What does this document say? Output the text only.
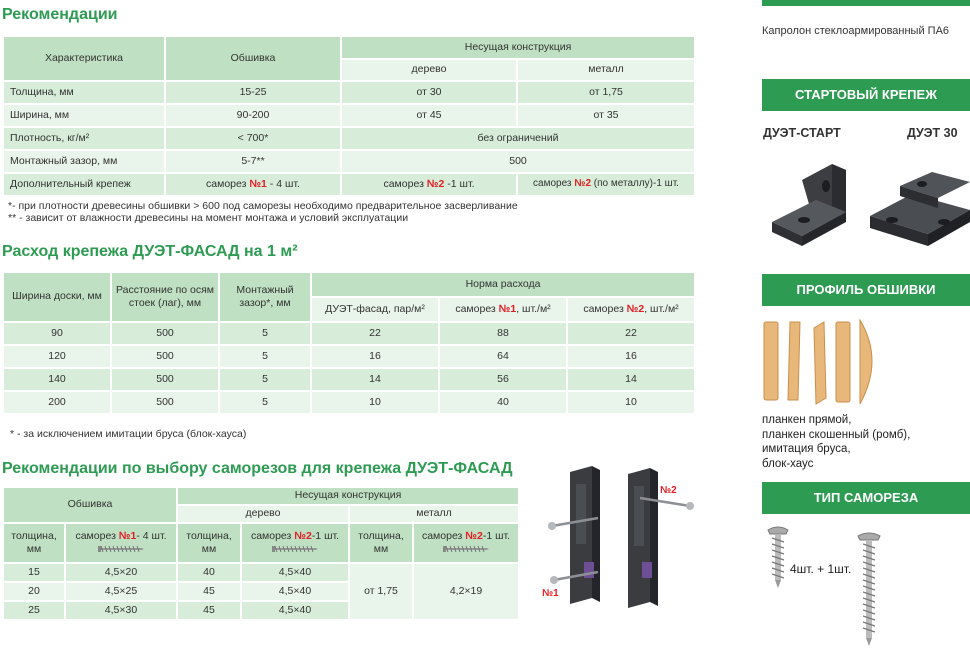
Рекомендации
Характеристика	Обшивка	Несущая конструкция	
		дерево	металл
Толщина, мм	15-25	от 30	от 1,75
Ширина, мм	90-200	от 45	от 35
Плотность, кг/м²	< 700*	без ограничений	
Монтажный зазор, мм	5-7**	500	
Дополнительный крепеж	саморез №1 - 4 шт.	саморез №2 -1 шт.	саморез №2 (по металлу)-1 шт.
*- при плотности древесины обшивки > 600 под саморезы необходимо предварительное засверливание
** - зависит от влажности древесины на момент монтажа и условий эксплуатации
Расход крепежа ДУЭТ-ФАСАД на 1 м²
Ширина доски, мм	Расстояние по осям стоек (лаг), мм	Монтажный зазор*, мм	Норма расхода		
			ДУЭТ-фасад, пар/м²	саморез №1, шт./м²	саморез №2, шт./м²
90	500	5	22	88	22
120	500	5	16	64	16
140	500	5	14	56	14
200	500	5	10	40	10
* - за исключением имитации бруса (блок-хауса)
Рекомендации по выбору саморезов для крепежа ДУЭТ-ФАСАД
Обшивка		Несущая конструкция			
		дерево		металл	
толщина, мм	саморез №1- 4 шт.	толщина, мм	саморез №2-1 шт.	толщина, мм	саморез №2-1 шт.

15	4,5×20	40	4,5×40	от 1,75	4,2×19
20	4,5×25	45	4,5×40		
25	4,5×30	45	4,5×40		
№1
№2
Капролон стеклоармированный ПА6
СТАРТОВЫЙ КРЕПЕЖ
ДУЭТ-СТАРТ	ДУЭТ 30
ПРОФИЛЬ ОБШИВКИ
планкен прямой,
планкен скошенный (ромб),
имитация бруса,
блок-хаус
ТИП САМОРЕЗА
4шт. + 1шт.
